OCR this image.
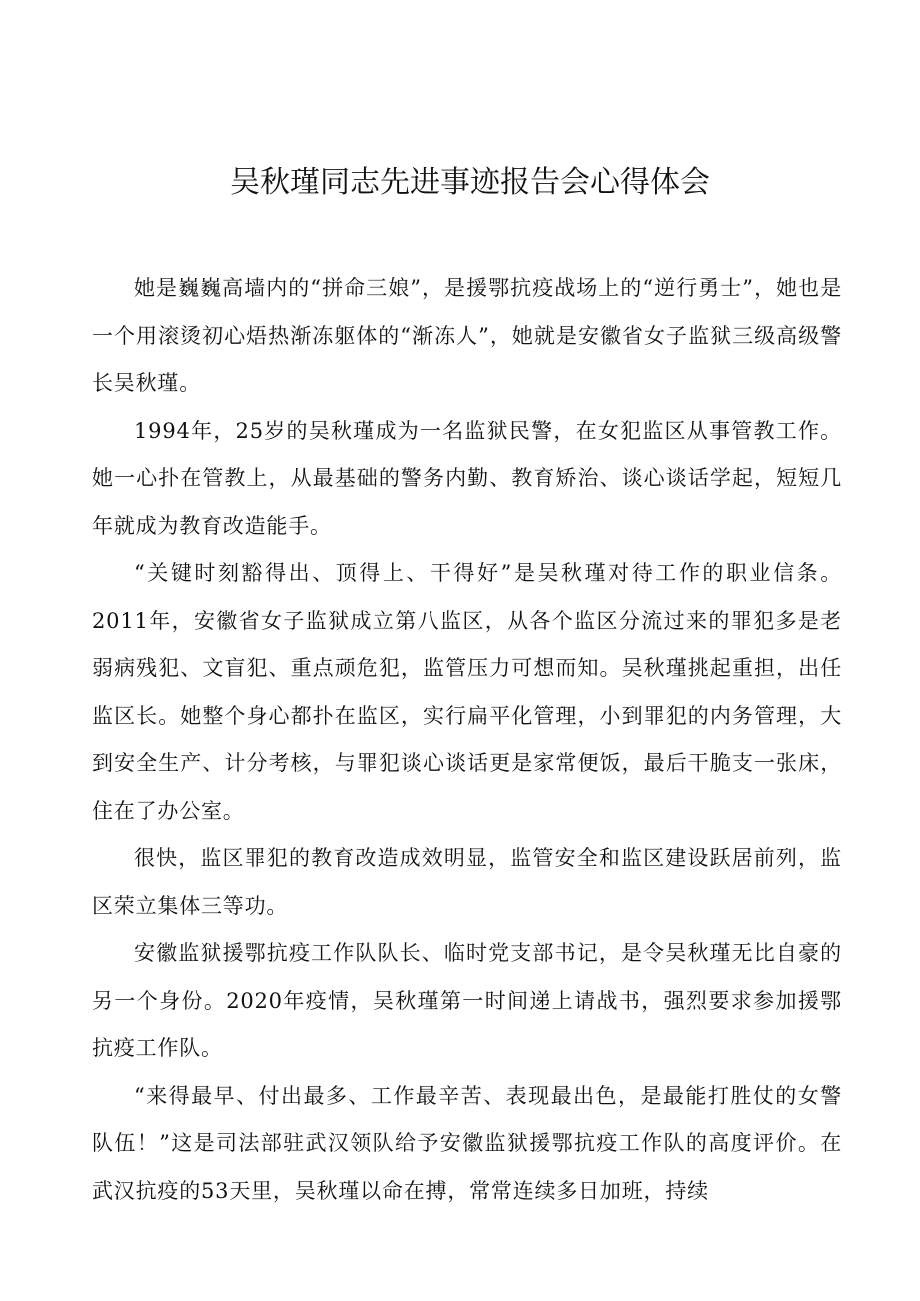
吴秋瑾同志先进事迹报告会心得体会

她是巍巍高墙内的“拼命三娘”，是援鄂抗疫战场上的“逆行勇士”，她也是一个用滚烫初心焐热渐冻躯体的“渐冻人”，她就是安徽省女子监狱三级高级警长吴秋瑾。

1994年，25岁的吴秋瑾成为一名监狱民警，在女犯监区从事管教工作。她一心扑在管教上，从最基础的警务内勤、教育矫治、谈心谈话学起，短短几年就成为教育改造能手。

“关键时刻豁得出、顶得上、干得好”是吴秋瑾对待工作的职业信条。2011年，安徽省女子监狱成立第八监区，从各个监区分流过来的罪犯多是老弱病残犯、文盲犯、重点顽危犯，监管压力可想而知。吴秋瑾挑起重担，出任监区长。她整个身心都扑在监区，实行扁平化管理，小到罪犯的内务管理，大到安全生产、计分考核，与罪犯谈心谈话更是家常便饭，最后干脆支一张床，住在了办公室。

很快，监区罪犯的教育改造成效明显，监管安全和监区建设跃居前列，监区荣立集体三等功。

安徽监狱援鄂抗疫工作队队长、临时党支部书记，是令吴秋瑾无比自豪的另一个身份。2020年疫情，吴秋瑾第一时间递上请战书，强烈要求参加援鄂抗疫工作队。

“来得最早、付出最多、工作最辛苦、表现最出色，是最能打胜仗的女警队伍！”这是司法部驻武汉领队给予安徽监狱援鄂抗疫工作队的高度评价。在武汉抗疫的53天里，吴秋瑾以命在搏，常常连续多日加班，持续
